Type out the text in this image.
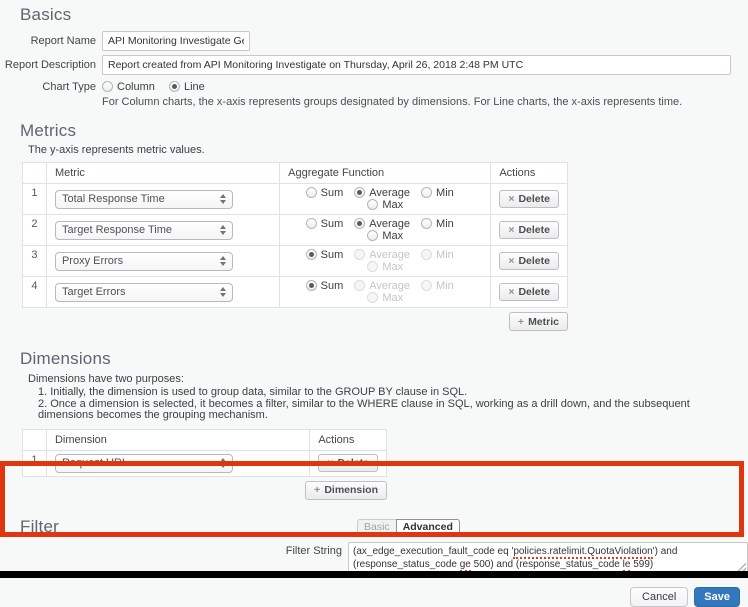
Basics
Report Name
API Monitoring Investigate Generat
Report Description
Report created from API Monitoring Investigate on Thursday, April 26, 2018 2:48 PM UTC
Chart Type	Column	Line
For Column charts, the x-axis represents groups designated by dimensions. For Line charts, the x-axis represents time.
Metrics
The y-axis represents metric values.
	Metric	Aggregate Function	Actions
1	Total Response Time	Sum Average MinMax	× Delete

2	Target Response Time	Sum Average MinMax	× Delete

3	Proxy Errors	Sum Average MinMax	× Delete

4	Target Errors	Sum Average MinMax	× Delete
+ Metric
Dimensions
Dimensions have two purposes:
1. Initially, the dimension is used to group data, similar to the GROUP BY clause in SQL.
2. Once a dimension is selected, it becomes a filter, similar to the WHERE clause in SQL, working as a drill down, and the subsequent dimensions becomes the grouping mechanism.
	Dimension	Actions
1	Request URI	× Delete
+ Dimension
Filter	Basic	Advanced
Filter String	(ax_edge_execution_fault_code eq 'policies.ratelimit.QuotaViolation') and (response_status_code ge 500) and (response_status_code le 599)
Cancel	Save
